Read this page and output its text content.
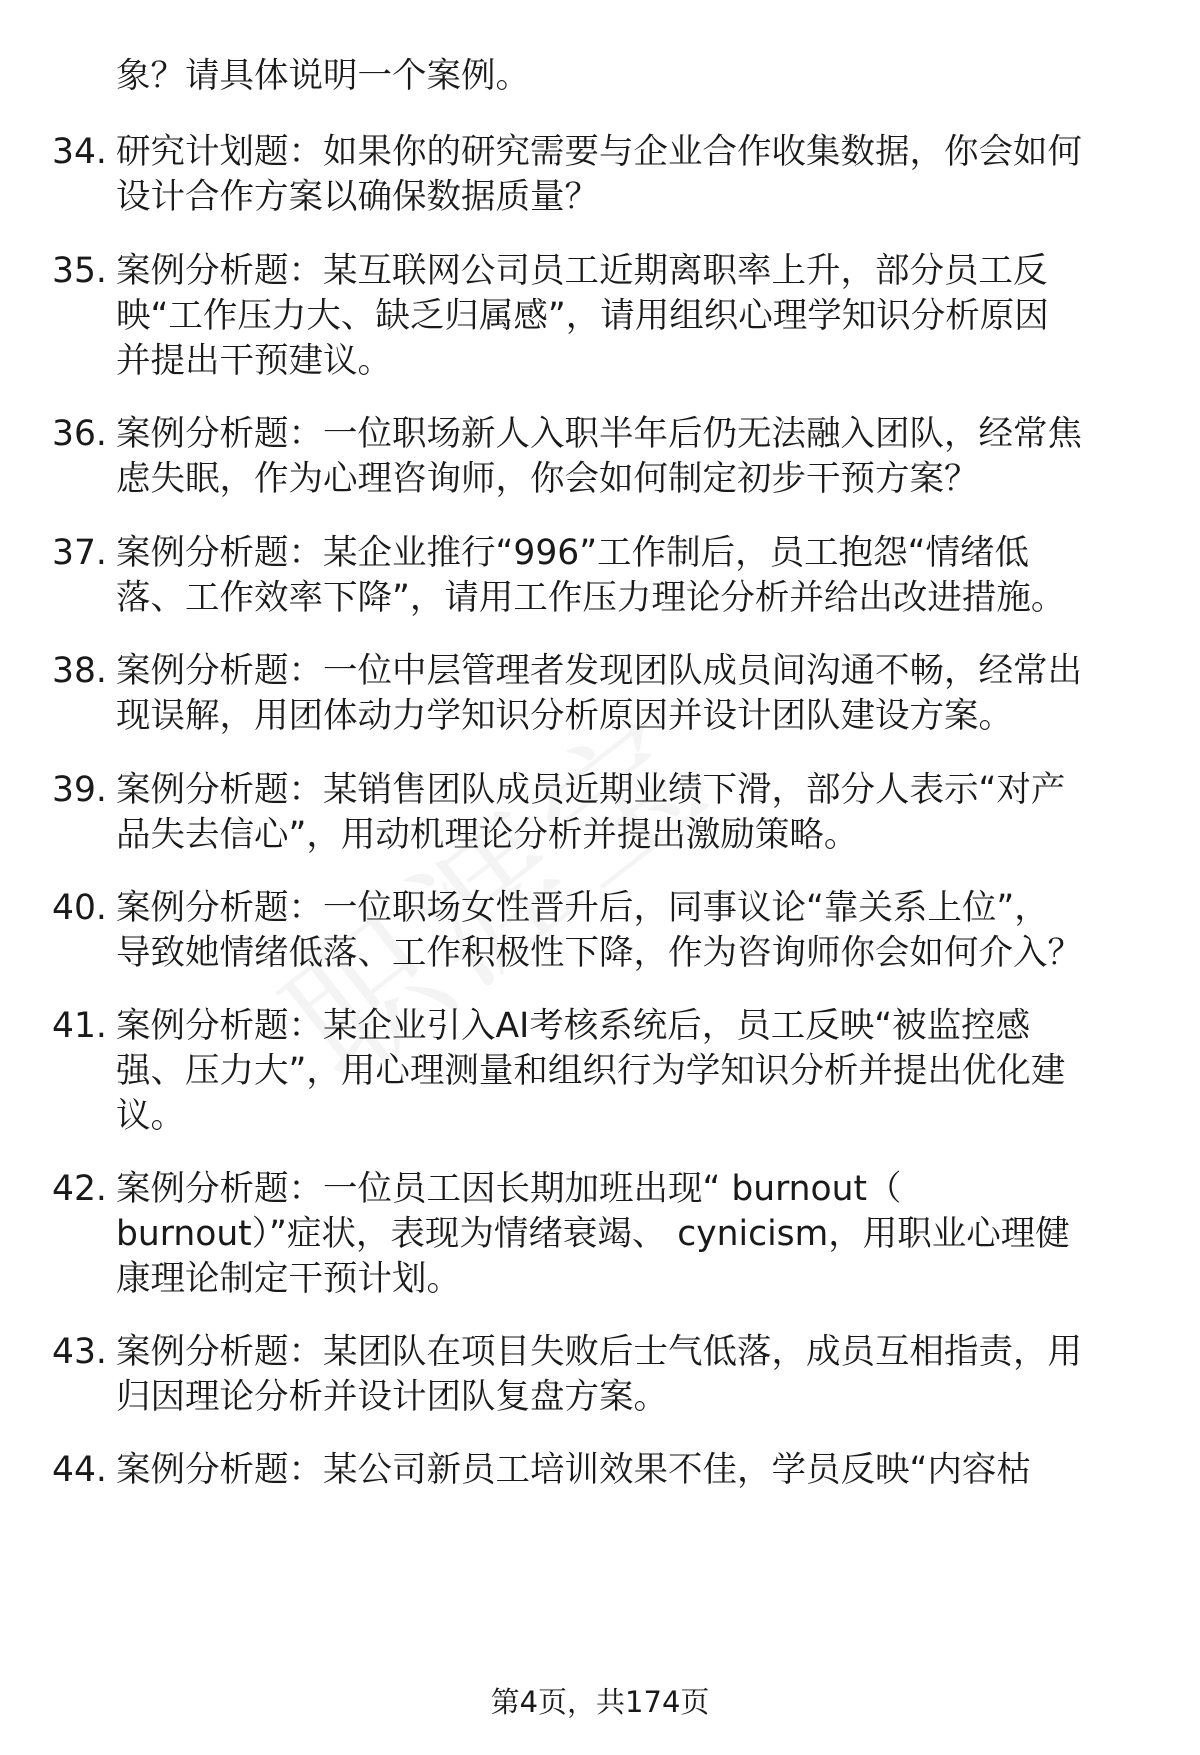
象？请具体说明一个案例。

34. 研究计划题：如果你的研究需要与企业合作收集数据，你会如何

设计合作方案以确保数据质量？

35. 案例分析题：某互联网公司员工近期离职率上升，部分员工反

映“工作压力大、缺乏归属感”，请用组织心理学知识分析原因

并提出干预建议。

36. 案例分析题：一位职场新人入职半年后仍无法融入团队，经常焦

虑失眠，作为心理咨询师，你会如何制定初步干预方案？

37. 案例分析题：某企业推行“996”工作制后，员工抱怨“情绪低

落、工作效率下降”，请用工作压力理论分析并给出改进措施。

38. 案例分析题：一位中层管理者发现团队成员间沟通不畅，经常出

现误解，用团体动力学知识分析原因并设计团队建设方案。

39. 案例分析题：某销售团队成员近期业绩下滑，部分人表示“对产

品失去信心”，用动机理论分析并提出激励策略。

40. 案例分析题：一位职场女性晋升后，同事议论“靠关系上位”，

导致她情绪低落、工作积极性下降，作为咨询师你会如何介入？

41. 案例分析题：某企业引入AI考核系统后，员工反映“被监控感

强、压力大”，用心理测量和组织行为学知识分析并提出优化建

议。

42. 案例分析题：一位员工因长期加班出现“ burnout（

burnout）”症状，表现为情绪衰竭、 cynicism，用职业心理健

康理论制定干预计划。

43. 案例分析题：某团队在项目失败后士气低落，成员互相指责，用

归因理论分析并设计团队复盘方案。

44. 案例分析题：某公司新员工培训效果不佳，学员反映“内容枯

第4页，共174页
